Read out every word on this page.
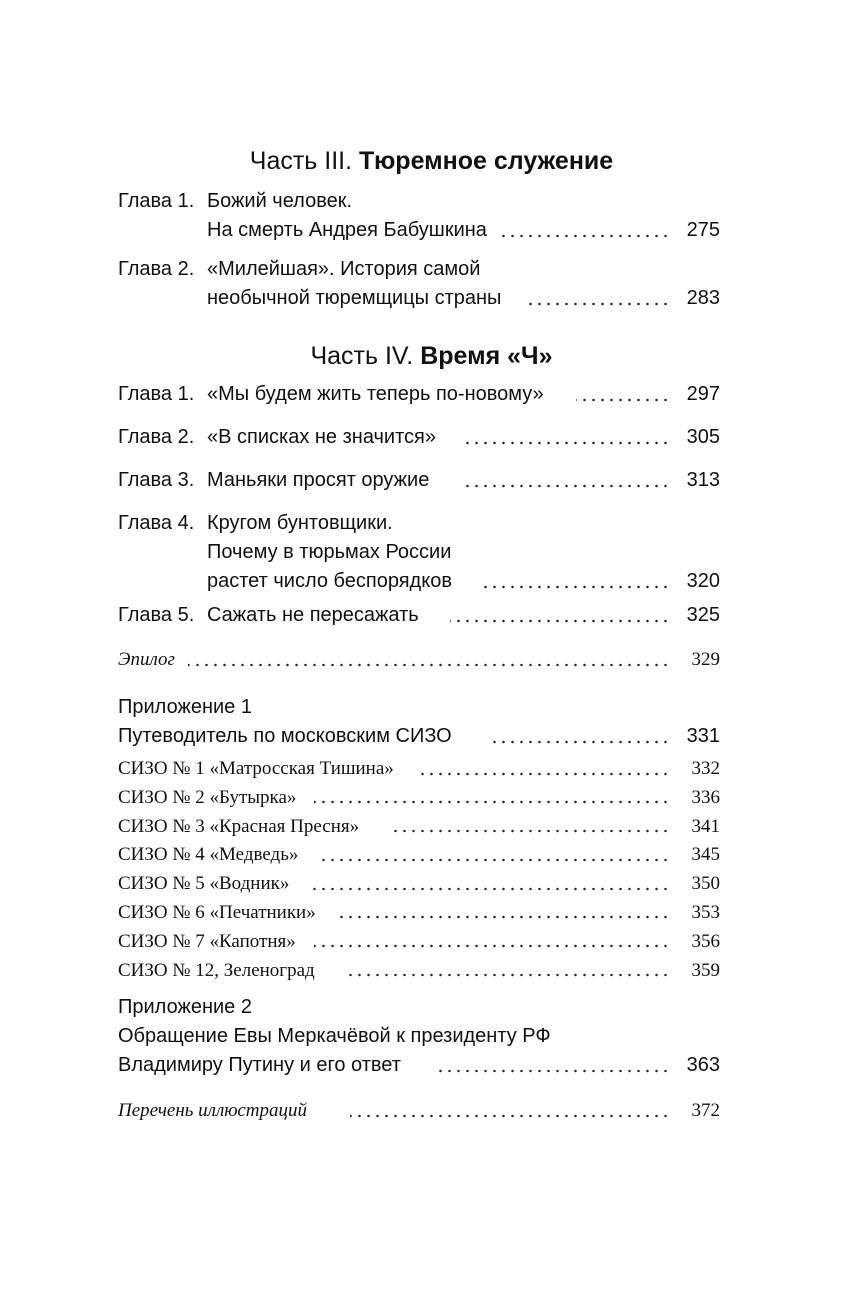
Часть III. Тюремное служение
Глава 1. Божий человек.
На смерть Андрея Бабушкина	275
Глава 2. «Милейшая». История самой
необычной тюремщицы страны	283
Часть IV. Время «Ч»
Глава 1. «Мы будем жить теперь по-новому»	297
Глава 2. «В списках не значится»	305
Глава 3. Маньяки просят оружие	313
Глава 4. Кругом бунтовщики.
Почему в тюрьмах России
растет число беспорядков	320
Глава 5. Сажать не пересажать	325
Эпилог	329
Приложение 1
Путеводитель по московским СИЗО	331
СИЗО № 1 «Матросская Тишина»	332
СИЗО № 2 «Бутырка»	336
СИЗО № 3 «Красная Пресня»	341
СИЗО № 4 «Медведь»	345
СИЗО № 5 «Водник»	350
СИЗО № 6 «Печатники»	353
СИЗО № 7 «Капотня»	356
СИЗО № 12, Зеленоград	359
Приложение 2
Обращение Евы Меркачёвой к президенту РФ
Владимиру Путину и его ответ	363
Перечень иллюстраций	372
